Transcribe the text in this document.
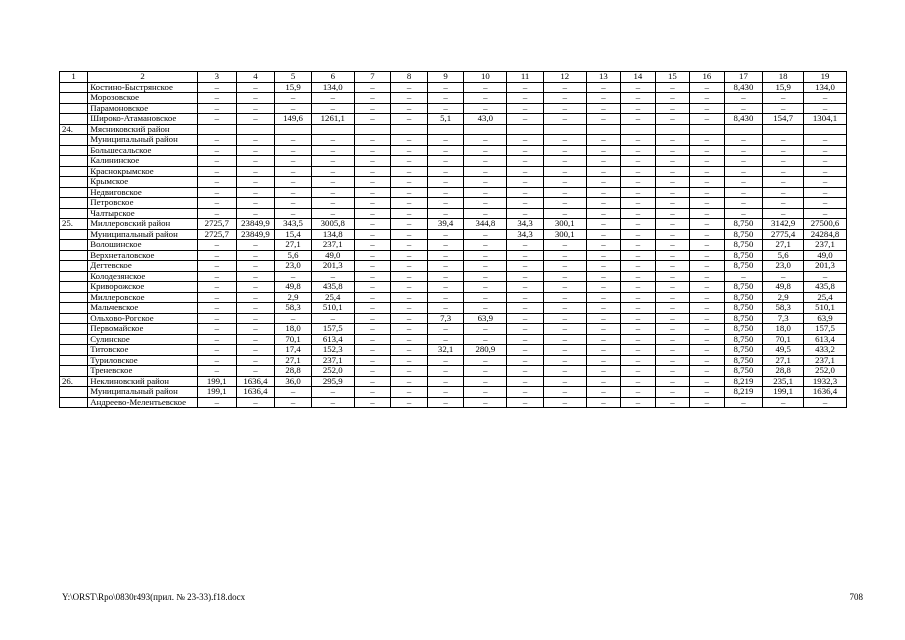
1	2	3	4	5	6	7	8	9	10	11	12	13	14	15	16	17	18	19
	Костино-Быстрянское	–	–	15,9	134,0	–	–	–	–	–	–	–	–	–	–	8,430	15,9	134,0
	Морозовское	–	–	–	–	–	–	–	–	–	–	–	–	–	–	–	–	–
	Парамоновское	–	–	–	–	–	–	–	–	–	–	–	–	–	–	–	–	–
	Широко-Атамановское	–	–	149,6	1261,1	–	–	5,1	43,0	–	–	–	–	–	–	8,430	154,7	1304,1
24.	Мясниковский район																	
	Муниципальный район	–	–	–	–	–	–	–	–	–	–	–	–	–	–	–	–	–
	Большесальское	–	–	–	–	–	–	–	–	–	–	–	–	–	–	–	–	–
	Калининское	–	–	–	–	–	–	–	–	–	–	–	–	–	–	–	–	–
	Краснокрымское	–	–	–	–	–	–	–	–	–	–	–	–	–	–	–	–	–
	Крымское	–	–	–	–	–	–	–	–	–	–	–	–	–	–	–	–	–
	Недвиговское	–	–	–	–	–	–	–	–	–	–	–	–	–	–	–	–	–
	Петровское	–	–	–	–	–	–	–	–	–	–	–	–	–	–	–	–	–
	Чалтырское	–	–	–	–	–	–	–	–	–	–	–	–	–	–	–	–	–
25.	Миллеровский район	2725,7	23849,9	343,5	3005,8	–	–	39,4	344,8	34,3	300,1	–	–	–	–	8,750	3142,9	27500,6
	Муниципальный район	2725,7	23849,9	15,4	134,8	–	–	–	–	34,3	300,1	–	–	–	–	8,750	2775,4	24284,8
	Волошинское	–	–	27,1	237,1	–	–	–	–	–	–	–	–	–	–	8,750	27,1	237,1
	Верхнеталовское	–	–	5,6	49,0	–	–	–	–	–	–	–	–	–	–	8,750	5,6	49,0
	Дегтевское	–	–	23,0	201,3	–	–	–	–	–	–	–	–	–	–	8,750	23,0	201,3
	Колодезянское	–	–	–	–	–	–	–	–	–	–	–	–	–	–	–	–	–
	Криворожское	–	–	49,8	435,8	–	–	–	–	–	–	–	–	–	–	8,750	49,8	435,8
	Миллеровское	–	–	2,9	25,4	–	–	–	–	–	–	–	–	–	–	8,750	2,9	25,4
	Мальчевское	–	–	58,3	510,1	–	–	–	–	–	–	–	–	–	–	8,750	58,3	510,1
	Ольхово-Рогское	–	–	–	–	–	–	7,3	63,9	–	–	–	–	–	–	8,750	7,3	63,9
	Первомайское	–	–	18,0	157,5	–	–	–	–	–	–	–	–	–	–	8,750	18,0	157,5
	Сулинское	–	–	70,1	613,4	–	–	–	–	–	–	–	–	–	–	8,750	70,1	613,4
	Титовское	–	–	17,4	152,3	–	–	32,1	280,9	–	–	–	–	–	–	8,750	49,5	433,2
	Туриловское	–	–	27,1	237,1	–	–	–	–	–	–	–	–	–	–	8,750	27,1	237,1
	Треневское	–	–	28,8	252,0	–	–	–	–	–	–	–	–	–	–	8,750	28,8	252,0
26.	Неклиновский район	199,1	1636,4	36,0	295,9	–	–	–	–	–	–	–	–	–	–	8,219	235,1	1932,3
	Муниципальный район	199,1	1636,4	–	–	–	–	–	–	–	–	–	–	–	–	8,219	199,1	1636,4
	Андреево-Мелентьевское	–	–	–	–	–	–	–	–	–	–	–	–	–	–	–	–	–
Y:\ORST\Rpo\0830r493(прил. № 23-33).f18.docx	708
